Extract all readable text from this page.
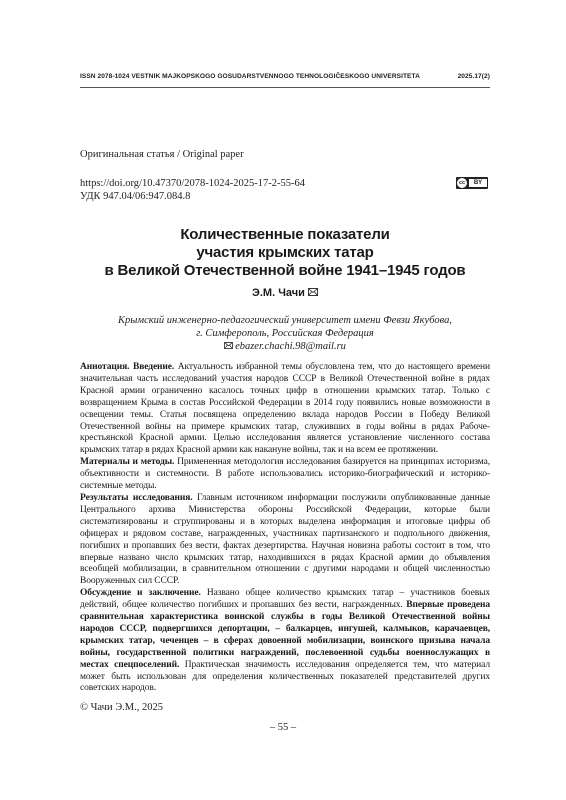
ISSN 2078-1024 VESTNIK MAJKOPSKOGO GOSUDARSTVENNOGO TEHNOLOGIČESKOGO UNIVERSITETA	2025.17(2)
Оригинальная статья / Original paper
https://doi.org/10.47370/2078-1024-2025-17-2-55-64
УДК 947.04/06:947.084.8
cc	BY
Количественные показатели
участия крымских татар
в Великой Отечественной войне 1941–1945 годов
Э.М. Чачи
Крымский инженерно-педагогический университет имени Февзи Якубова,
г. Симферополь, Российская Федерация
ebazer.chachi.98@mail.ru

Аннотация. Введение. Актуальность избранной темы обусловлена тем, что до настоящего времени значительная часть исследований участия народов СССР в Великой Отечественной войне в рядах Красной армии ограниченно касалось точных цифр в отношении крымских татар. Только с возвращением Крыма в состав Российской Федерации в 2014 году появились новые возможности в освещении темы. Статья посвящена определению вклада народов России в Победу Великой Отечественной войны на примере крымских татар, служивших в годы войны в рядах Рабоче-крестьянской Красной армии. Целью исследования является установление численного состава крымских татар в рядах Красной армии как накануне войны, так и на всем ее протяжении.

Материалы и методы. Примененная методология исследования базируется на принципах историзма, объективности и системности. В работе использовались историко-биографический и историко-системные методы.

Результаты исследования. Главным источником информации послужили опубликованные данные Центрального архива Министерства обороны Российской Федерации, которые были систематизированы и сгруппированы и в которых выделена информация и итоговые цифры об офицерах и рядовом составе, награжденных, участниках партизанского и подпольного движения, погибших и пропавших без вести, фактах дезертирства. Научная новизна работы состоит в том, что впервые названо число крымских татар, находившихся в рядах Красной армии до объявления всеобщей мобилизации, в сравнительном отношении с другими народами и общей численностью Вооруженных сил СССР.

Обсуждение и заключение. Названо общее количество крымских татар – участников боевых действий, общее количество погибших и пропавших без вести, награжденных. Впервые проведена сравнительная характеристика воинской службы в годы Великой Отечественной войны народов СССР, подвергшихся депортации, – балкарцев, ингушей, калмыков, карачаевцев, крымских татар, чеченцев – в сферах довоенной мобилизации, воинского призыва начала войны, государственной политики награждений, послевоенной судьбы военнослужащих в местах спецпоселений. Практическая значимость исследования определяется тем, что материал может быть использован для определения количественных показателей представителей других советских народов.

© Чачи Э.М., 2025
– 55 –
